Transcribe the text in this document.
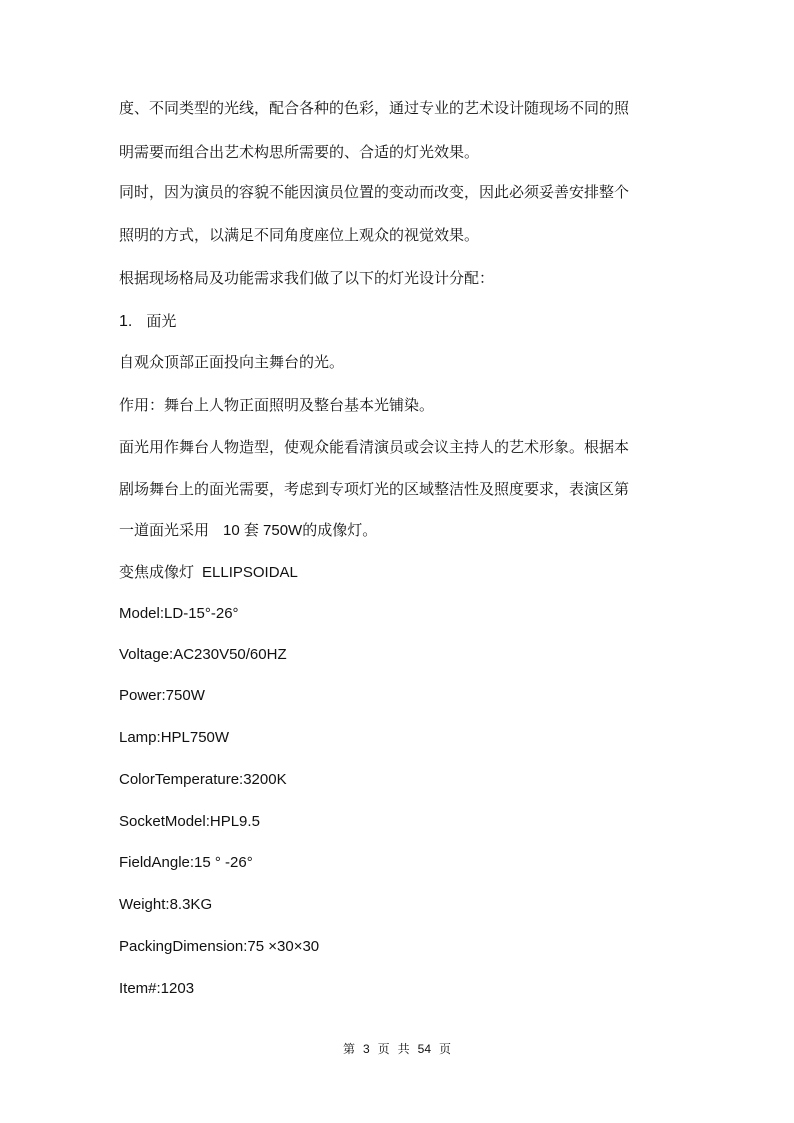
度、不同类型的光线，配合各种的色彩，通过专业的艺术设计随现场不同的照
明需要而组合出艺术构思所需要的、合适的灯光效果。
同时，因为演员的容貌不能因演员位置的变动而改变，因此必须妥善安排整个
照明的方式，以满足不同角度座位上观众的视觉效果。
根据现场格局及功能需求我们做了以下的灯光设计分配：
1. 面光
自观众顶部正面投向主舞台的光。
作用：舞台上人物正面照明及整台基本光铺染。
面光用作舞台人物造型，使观众能看清演员或会议主持人的艺术形象。根据本
剧场舞台上的面光需要，考虑到专项灯光的区域整洁性及照度要求，表演区第
一道面光采用 10 套 750W的成像灯。
变焦成像灯 ELLIPSOIDAL
Model:LD-15°-26°
Voltage:AC230V50/60HZ
Power:750W
Lamp:HPL750W
ColorTemperature:3200K
SocketModel:HPL9.5
FieldAngle:15 ° -26°
Weight:8.3KG
PackingDimension:75 ×30×30
Item#:1203
第 3 页 共 54 页
